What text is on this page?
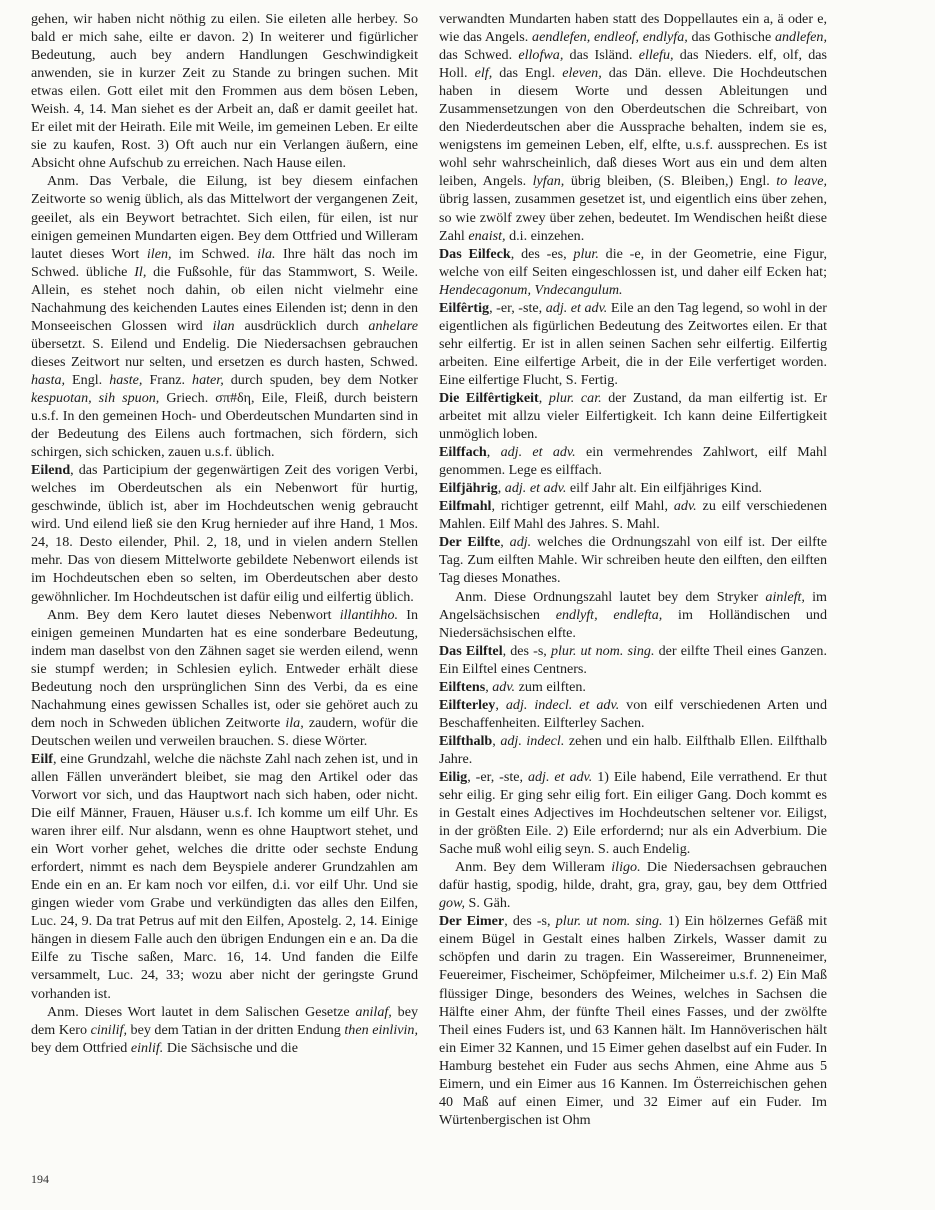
gehen, wir haben nicht nöthig zu eilen. Sie eileten alle herbey. So bald er mich sahe, eilte er davon. 2) In weiterer und figürlicher Bedeutung, auch bey andern Handlungen Geschwindigkeit anwenden, sie in kurzer Zeit zu Stande zu bringen suchen. Mit etwas eilen. Gott eilet mit den Frommen aus dem bösen Leben, Weish. 4, 14. Man siehet es der Arbeit an, daß er damit geeilet hat. Er eilet mit der Heirath. Eile mit Weile, im gemeinen Leben. Er eilte sie zu kaufen, Rost. 3) Oft auch nur ein Verlangen äußern, eine Absicht ohne Aufschub zu erreichen. Nach Hause eilen.

Anm. Das Verbale, die Eilung, ist bey diesem einfachen Zeitworte so wenig üblich, als das Mittelwort der vergangenen Zeit, geeilet, als ein Beywort betrachtet. Sich eilen, für eilen, ist nur einigen gemeinen Mundarten eigen. Bey dem Ottfried und Willeram lautet dieses Wort ilen, im Schwed. ila. Ihre hält das noch im Schwed. übliche Il, die Fußsohle, für das Stammwort, S. Weile. Allein, es stehet noch dahin, ob eilen nicht vielmehr eine Nachahmung des keichenden Lautes eines Eilenden ist; denn in den Monseeischen Glossen wird ilan ausdrücklich durch anhelare übersetzt. S. Eilend und Endelig. Die Niedersachsen gebrauchen dieses Zeitwort nur selten, und ersetzen es durch hasten, Schwed. hasta, Engl. haste, Franz. hater, durch spuden, bey dem Notker kespuotan, sih spuon, Griech. σπ#δη, Eile, Fleiß, durch beistern u.s.f. In den gemeinen Hoch- und Oberdeutschen Mundarten sind in der Bedeutung des Eilens auch fortmachen, sich fördern, sich schirgen, sich schicken, zauen u.s.f. üblich.

Eilend, das Participium der gegenwärtigen Zeit des vorigen Verbi, welches im Oberdeutschen als ein Nebenwort für hurtig, geschwinde, üblich ist, aber im Hochdeutschen wenig gebraucht wird. Und eilend ließ sie den Krug hernieder auf ihre Hand, 1 Mos. 24, 18. Desto eilender, Phil. 2, 18, und in vielen andern Stellen mehr. Das von diesem Mittelworte gebildete Nebenwort eilends ist im Hochdeutschen eben so selten, im Oberdeutschen aber desto gewöhnlicher. Im Hochdeutschen ist dafür eilig und eilfertig üblich.

Anm. Bey dem Kero lautet dieses Nebenwort illantihho. In einigen gemeinen Mundarten hat es eine sonderbare Bedeutung, indem man daselbst von den Zähnen saget sie werden eilend, wenn sie stumpf werden; in Schlesien eylich. Entweder erhält diese Bedeutung noch den ursprünglichen Sinn des Verbi, da es eine Nachahmung eines gewissen Schalles ist, oder sie gehöret auch zu dem noch in Schweden üblichen Zeitworte ila, zaudern, wofür die Deutschen weilen und verweilen brauchen. S. diese Wörter.

Eilf, eine Grundzahl, welche die nächste Zahl nach zehen ist, und in allen Fällen unverändert bleibet, sie mag den Artikel oder das Vorwort vor sich, und das Hauptwort nach sich haben, oder nicht. Die eilf Männer, Frauen, Häuser u.s.f. Ich komme um eilf Uhr. Es waren ihrer eilf. Nur alsdann, wenn es ohne Hauptwort stehet, und ein Wort vorher gehet, welches die dritte oder sechste Endung erfordert, nimmt es nach dem Beyspiele anderer Grundzahlen am Ende ein en an. Er kam noch vor eilfen, d.i. vor eilf Uhr. Und sie gingen wieder vom Grabe und verkündigten das alles den Eilfen, Luc. 24, 9. Da trat Petrus auf mit den Eilfen, Apostelg. 2, 14. Einige hängen in diesem Falle auch den übrigen Endungen ein e an. Da die Eilfe zu Tische saßen, Marc. 16, 14. Und fanden die Eilfe versammelt, Luc. 24, 33; wozu aber nicht der geringste Grund vorhanden ist.

Anm. Dieses Wort lautet in dem Salischen Gesetze anilaf, bey dem Kero cinilif, bey dem Tatian in der dritten Endung then einlivin, bey dem Ottfried einlif. Die Sächsische und die

verwandten Mundarten haben statt des Doppellautes ein a, ä oder e, wie das Angels. aendlefen, endleof, endlyfa, das Gothische andlefen, das Schwed. ellofwa, das Isländ. ellefu, das Nieders. elf, olf, das Holl. elf, das Engl. eleven, das Dän. elleve. Die Hochdeutschen haben in diesem Worte und dessen Ableitungen und Zusammensetzungen von den Oberdeutschen die Schreibart, von den Niederdeutschen aber die Aussprache behalten, indem sie es, wenigstens im gemeinen Leben, elf, elfte, u.s.f. aussprechen. Es ist wohl sehr wahrscheinlich, daß dieses Wort aus ein und dem alten leiben, Angels. lyfan, übrig bleiben, (S. Bleiben,) Engl. to leave, übrig lassen, zusammen gesetzet ist, und eigentlich eins über zehen, so wie zwölf zwey über zehen, bedeutet. Im Wendischen heißt diese Zahl enaist, d.i. einzehen.

Das Eilfeck, des -es, plur. die -e, in der Geometrie, eine Figur, welche von eilf Seiten eingeschlossen ist, und daher eilf Ecken hat; Hendecagonum, Vndecangulum.

Eilfêrtig, -er, -ste, adj. et adv. Eile an den Tag legend, so wohl in der eigentlichen als figürlichen Bedeutung des Zeitwortes eilen. Er that sehr eilfertig. Er ist in allen seinen Sachen sehr eilfertig. Eilfertig arbeiten. Eine eilfertige Arbeit, die in der Eile verfertiget worden. Eine eilfertige Flucht, S. Fertig.

Die Eilfêrtigkeit, plur. car. der Zustand, da man eilfertig ist. Er arbeitet mit allzu vieler Eilfertigkeit. Ich kann deine Eilfertigkeit unmöglich loben.

Eilffach, adj. et adv. ein vermehrendes Zahlwort, eilf Mahl genommen. Lege es eilffach.

Eilfjährig, adj. et adv. eilf Jahr alt. Ein eilfjähriges Kind.

Eilfmahl, richtiger getrennt, eilf Mahl, adv. zu eilf verschiedenen Mahlen. Eilf Mahl des Jahres. S. Mahl.

Der Eilfte, adj. welches die Ordnungszahl von eilf ist. Der eilfte Tag. Zum eilften Mahle. Wir schreiben heute den eilften, den eilften Tag dieses Monathes.

Anm. Diese Ordnungszahl lautet bey dem Stryker ainleft, im Angelsächsischen endlyft, endlefta, im Holländischen und Niedersächsischen elfte.

Das Eilftel, des -s, plur. ut nom. sing. der eilfte Theil eines Ganzen. Ein Eilftel eines Centners.

Eilftens, adv. zum eilften.

Eilfterley, adj. indecl. et adv. von eilf verschiedenen Arten und Beschaffenheiten. Eilfterley Sachen.

Eilfthalb, adj. indecl. zehen und ein halb. Eilfthalb Ellen. Eilfthalb Jahre.

Eilig, -er, -ste, adj. et adv. 1) Eile habend, Eile verrathend. Er thut sehr eilig. Er ging sehr eilig fort. Ein eiliger Gang. Doch kommt es in Gestalt eines Adjectives im Hochdeutschen seltener vor. Eiligst, in der größten Eile. 2) Eile erfordernd; nur als ein Adverbium. Die Sache muß wohl eilig seyn. S. auch Endelig.

Anm. Bey dem Willeram iligo. Die Niedersachsen gebrauchen dafür hastig, spodig, hilde, draht, gra, gray, gau, bey dem Ottfried gow, S. Gäh.

Der Eimer, des -s, plur. ut nom. sing. 1) Ein hölzernes Gefäß mit einem Bügel in Gestalt eines halben Zirkels, Wasser damit zu schöpfen und darin zu tragen. Ein Wassereimer, Brunneneimer, Feuereimer, Fischeimer, Schöpfeimer, Milcheimer u.s.f. 2) Ein Maß flüssiger Dinge, besonders des Weines, welches in Sachsen die Hälfte einer Ahm, der fünfte Theil eines Fasses, und der zwölfte Theil eines Fuders ist, und 63 Kannen hält. Im Hannöverischen hält ein Eimer 32 Kannen, und 15 Eimer gehen daselbst auf ein Fuder. In Hamburg bestehet ein Fuder aus sechs Ahmen, eine Ahme aus 5 Eimern, und ein Eimer aus 16 Kannen. Im Österreichischen gehen 40 Maß auf einen Eimer, und 32 Eimer auf ein Fuder. Im Würtenbergischen ist Ohm

194
